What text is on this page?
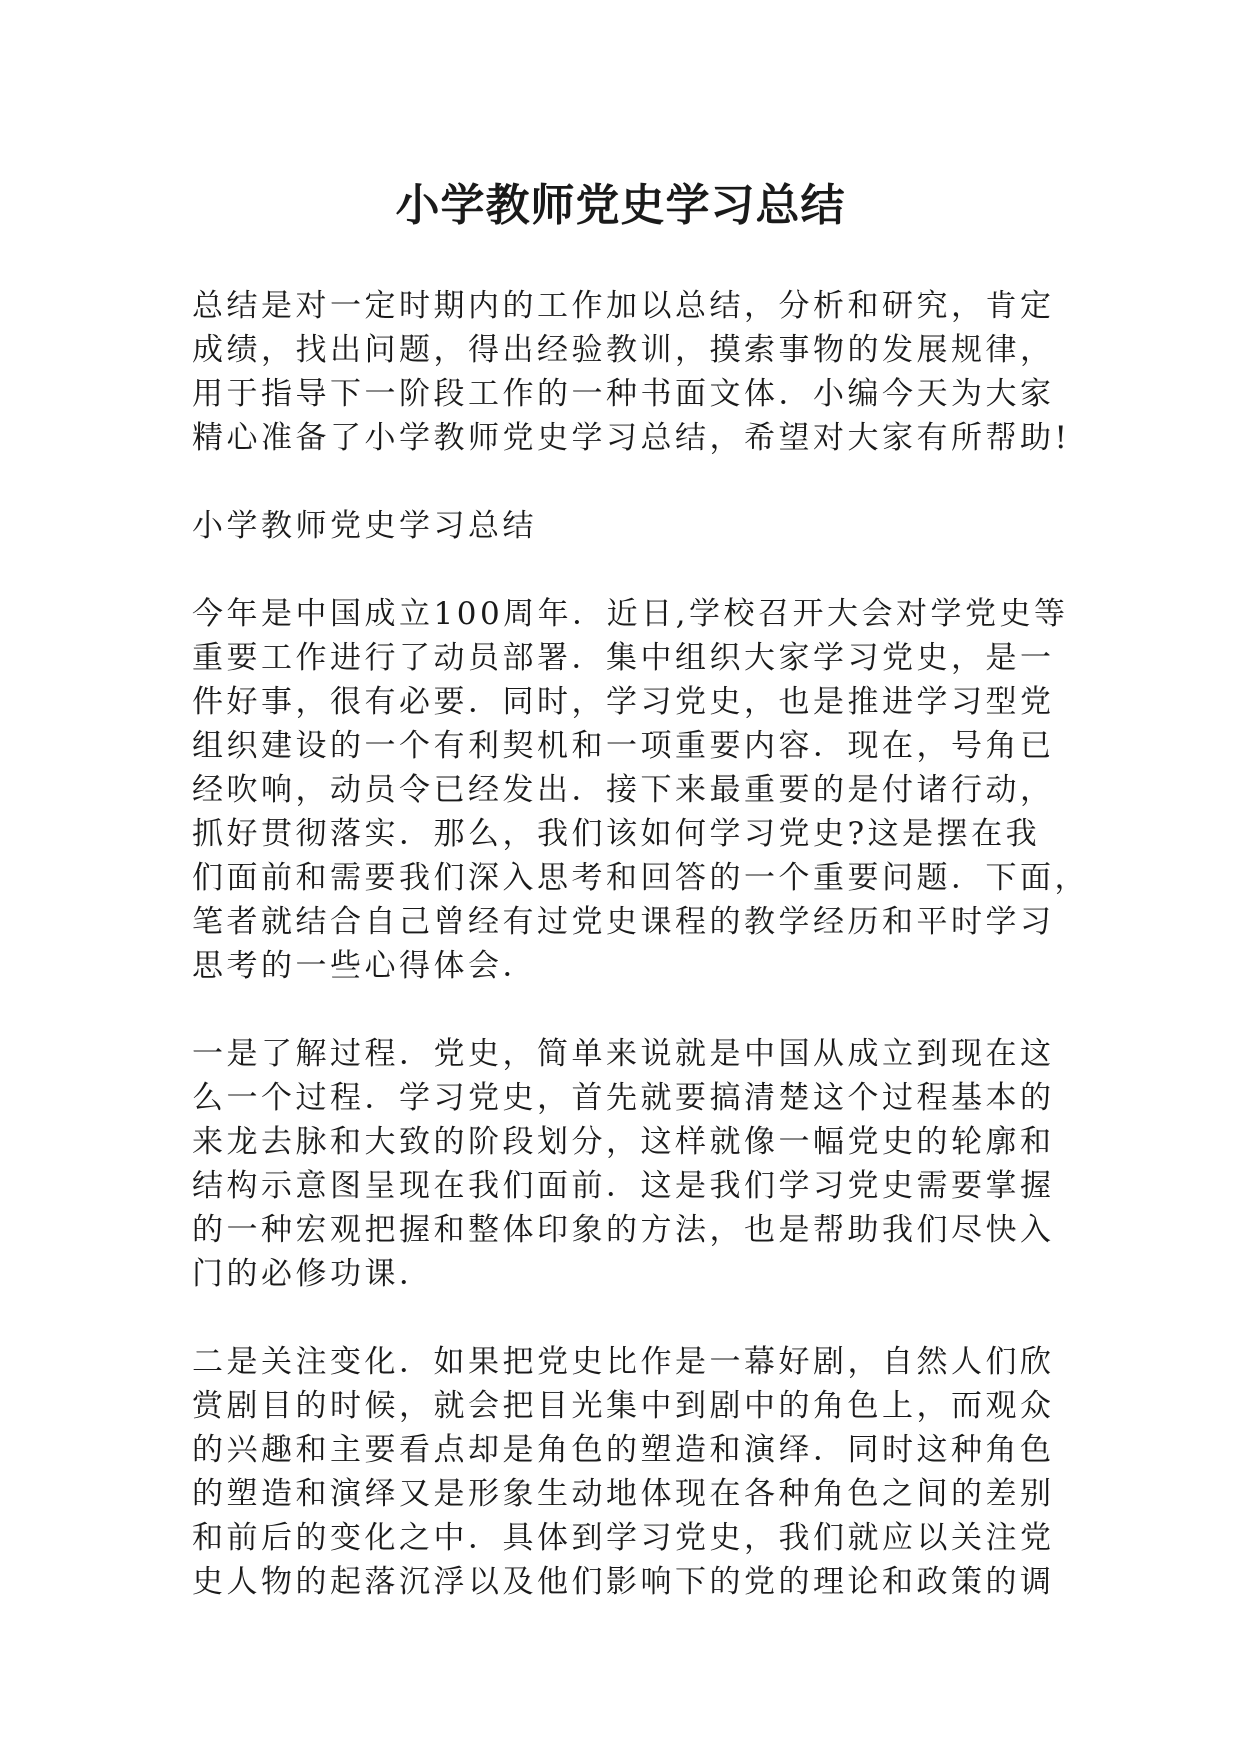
小学教师党史学习总结
总结是对一定时期内的工作加以总结，分析和研究，肯定
成绩，找出问题，得出经验教训，摸索事物的发展规律，
用于指导下一阶段工作的一种书面文体．小编今天为大家
精心准备了小学教师党史学习总结，希望对大家有所帮助!
小学教师党史学习总结
今年是中国成立100周年．近日,学校召开大会对学党史等
重要工作进行了动员部署．集中组织大家学习党史，是一
件好事，很有必要．同时，学习党史，也是推进学习型党
组织建设的一个有利契机和一项重要内容．现在，号角已
经吹响，动员令已经发出．接下来最重要的是付诸行动，
抓好贯彻落实．那么，我们该如何学习党史?这是摆在我
们面前和需要我们深入思考和回答的一个重要问题．下面，
笔者就结合自己曾经有过党史课程的教学经历和平时学习
思考的一些心得体会．
一是了解过程．党史，简单来说就是中国从成立到现在这
么一个过程．学习党史，首先就要搞清楚这个过程基本的
来龙去脉和大致的阶段划分，这样就像一幅党史的轮廓和
结构示意图呈现在我们面前．这是我们学习党史需要掌握
的一种宏观把握和整体印象的方法，也是帮助我们尽快入
门的必修功课．
二是关注变化．如果把党史比作是一幕好剧，自然人们欣
赏剧目的时候，就会把目光集中到剧中的角色上，而观众
的兴趣和主要看点却是角色的塑造和演绎．同时这种角色
的塑造和演绎又是形象生动地体现在各种角色之间的差别
和前后的变化之中．具体到学习党史，我们就应以关注党
史人物的起落沉浮以及他们影响下的党的理论和政策的调
